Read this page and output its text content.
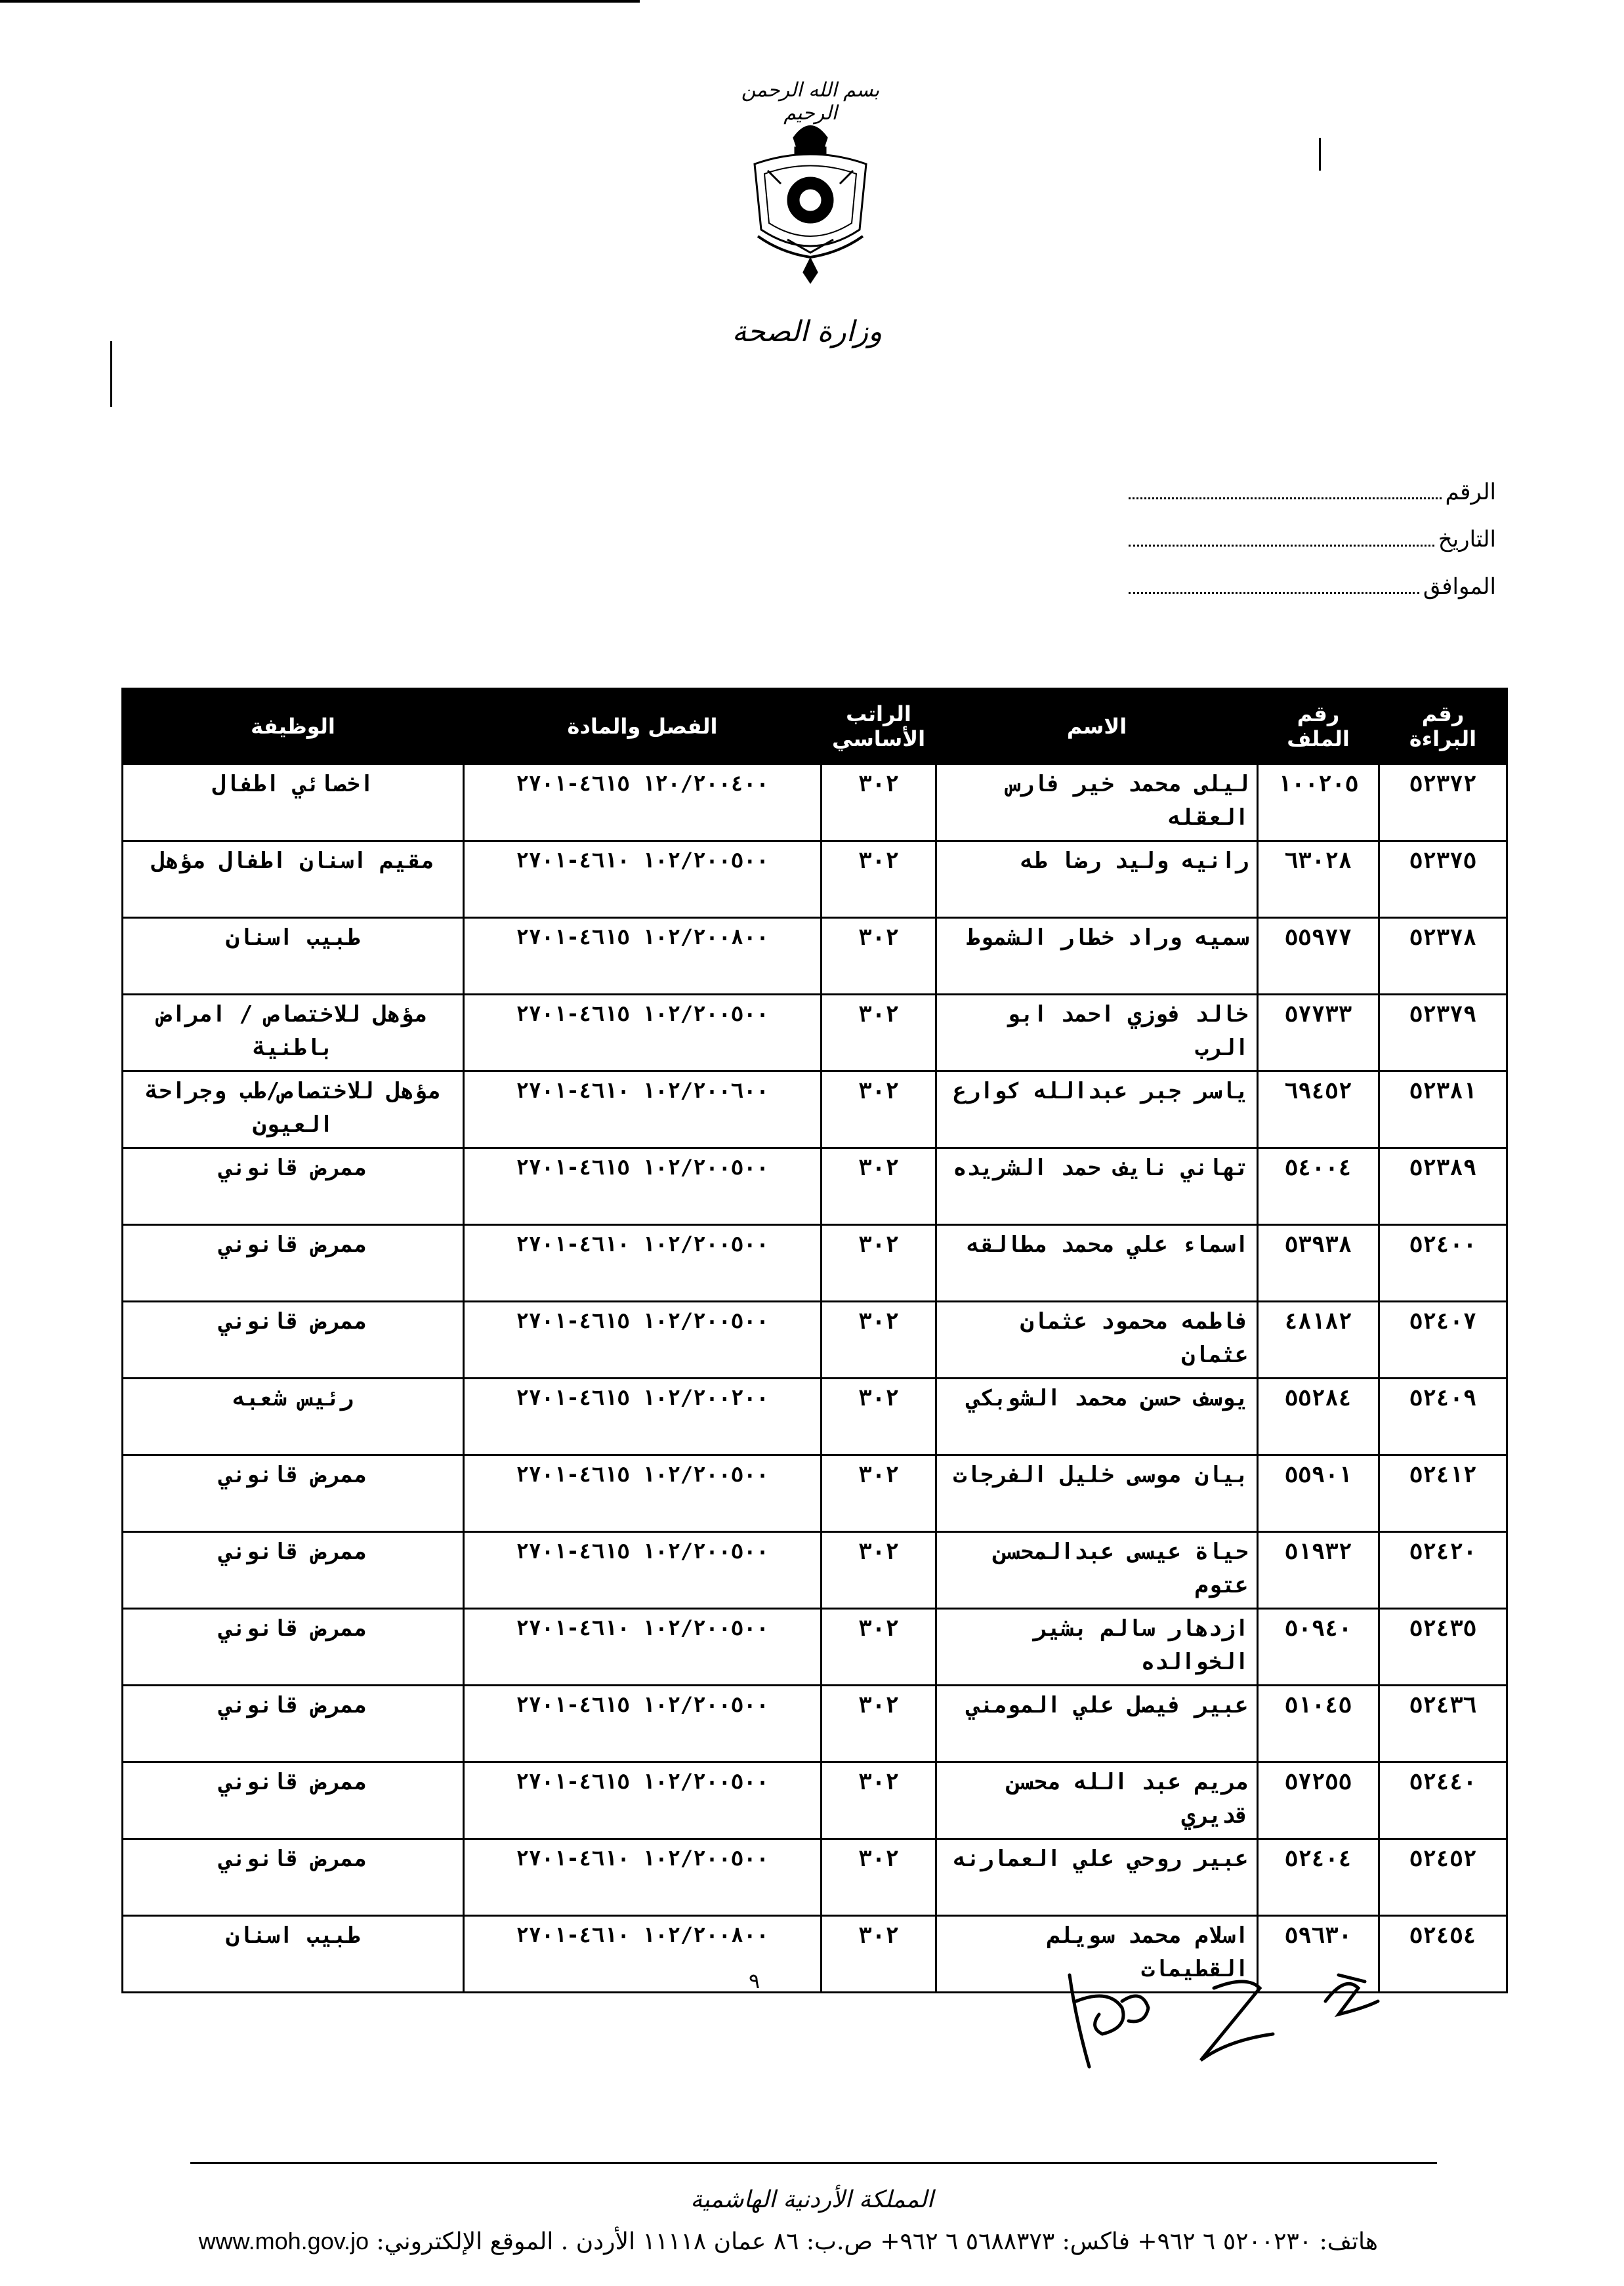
بسم الله الرحمن الرحيم
وزارة الصحة
الرقم
التاريخ
الموافق
رقم البراءة	رقم الملف	الاسم	الراتب الأساسي	الفصل والمادة	الوظيفة
٥٢٣٧٢	١٠٠٢٠٥	ليلى محمد خير فارس العقله	٣٠٢	١٢٠/٢٠٠٤٠٠ ٤٦١٥-٢٧٠١	اخصائي اطفال
٥٢٣٧٥	٦٣٠٢٨	رانيه وليد رضا طه	٣٠٢	١٠٢/٢٠٠٥٠٠ ٤٦١٠-٢٧٠١	مقيم اسنان اطفال مؤهل
٥٢٣٧٨	٥٥٩٧٧	سميه وراد خطار الشموط	٣٠٢	١٠٢/٢٠٠٨٠٠ ٤٦١٥-٢٧٠١	طبيب اسنان
٥٢٣٧٩	٥٧٧٣٣	خالد فوزي احمد ابو الرب	٣٠٢	١٠٢/٢٠٠٥٠٠ ٤٦١٥-٢٧٠١	مؤهل للاختصاص / امراض باطنية
٥٢٣٨١	٦٩٤٥٢	ياسر جبر عبدالله كوارع	٣٠٢	١٠٢/٢٠٠٦٠٠ ٤٦١٠-٢٧٠١	مؤهل للاختصاص/طب وجراحة العيون
٥٢٣٨٩	٥٤٠٠٤	تهاني نايف حمد الشريده	٣٠٢	١٠٢/٢٠٠٥٠٠ ٤٦١٥-٢٧٠١	ممرض قانوني
٥٢٤٠٠	٥٣٩٣٨	اسماء علي محمد مطالقه	٣٠٢	١٠٢/٢٠٠٥٠٠ ٤٦١٠-٢٧٠١	ممرض قانوني
٥٢٤٠٧	٤٨١٨٢	فاطمه محمود عثمان عثمان	٣٠٢	١٠٢/٢٠٠٥٠٠ ٤٦١٥-٢٧٠١	ممرض قانوني
٥٢٤٠٩	٥٥٢٨٤	يوسف حسن محمد الشوبكي	٣٠٢	١٠٢/٢٠٠٢٠٠ ٤٦١٥-٢٧٠١	رئيس شعبه
٥٢٤١٢	٥٥٩٠١	بيان موسى خليل الفرجات	٣٠٢	١٠٢/٢٠٠٥٠٠ ٤٦١٥-٢٧٠١	ممرض قانوني
٥٢٤٢٠	٥١٩٣٢	حياة عيسى عبدالمحسن عتوم	٣٠٢	١٠٢/٢٠٠٥٠٠ ٤٦١٥-٢٧٠١	ممرض قانوني
٥٢٤٣٥	٥٠٩٤٠	ازدهار سالم بشير الخوالده	٣٠٢	١٠٢/٢٠٠٥٠٠ ٤٦١٠-٢٧٠١	ممرض قانوني
٥٢٤٣٦	٥١٠٤٥	عبير فيصل علي المومني	٣٠٢	١٠٢/٢٠٠٥٠٠ ٤٦١٥-٢٧٠١	ممرض قانوني
٥٢٤٤٠	٥٧٢٥٥	مريم عبد الله محسن قديري	٣٠٢	١٠٢/٢٠٠٥٠٠ ٤٦١٥-٢٧٠١	ممرض قانوني
٥٢٤٥٢	٥٢٤٠٤	عبير روحي علي العمارنه	٣٠٢	١٠٢/٢٠٠٥٠٠ ٤٦١٠-٢٧٠١	ممرض قانوني
٥٢٤٥٤	٥٩٦٣٠	اسلام محمد سويلم القطيمات	٣٠٢	١٠٢/٢٠٠٨٠٠ ٤٦١٠-٢٧٠١	طبيب اسنان
٩
المملكة الأردنية الهاشمية
هاتف: ٥٢٠٠٢٣٠ ٦ ٩٦٢+ فاكس: ٥٦٨٨٣٧٣ ٦ ٩٦٢+ ص.ب: ٨٦ عمان ١١١١٨ الأردن . الموقع الإلكتروني: www.moh.gov.jo
